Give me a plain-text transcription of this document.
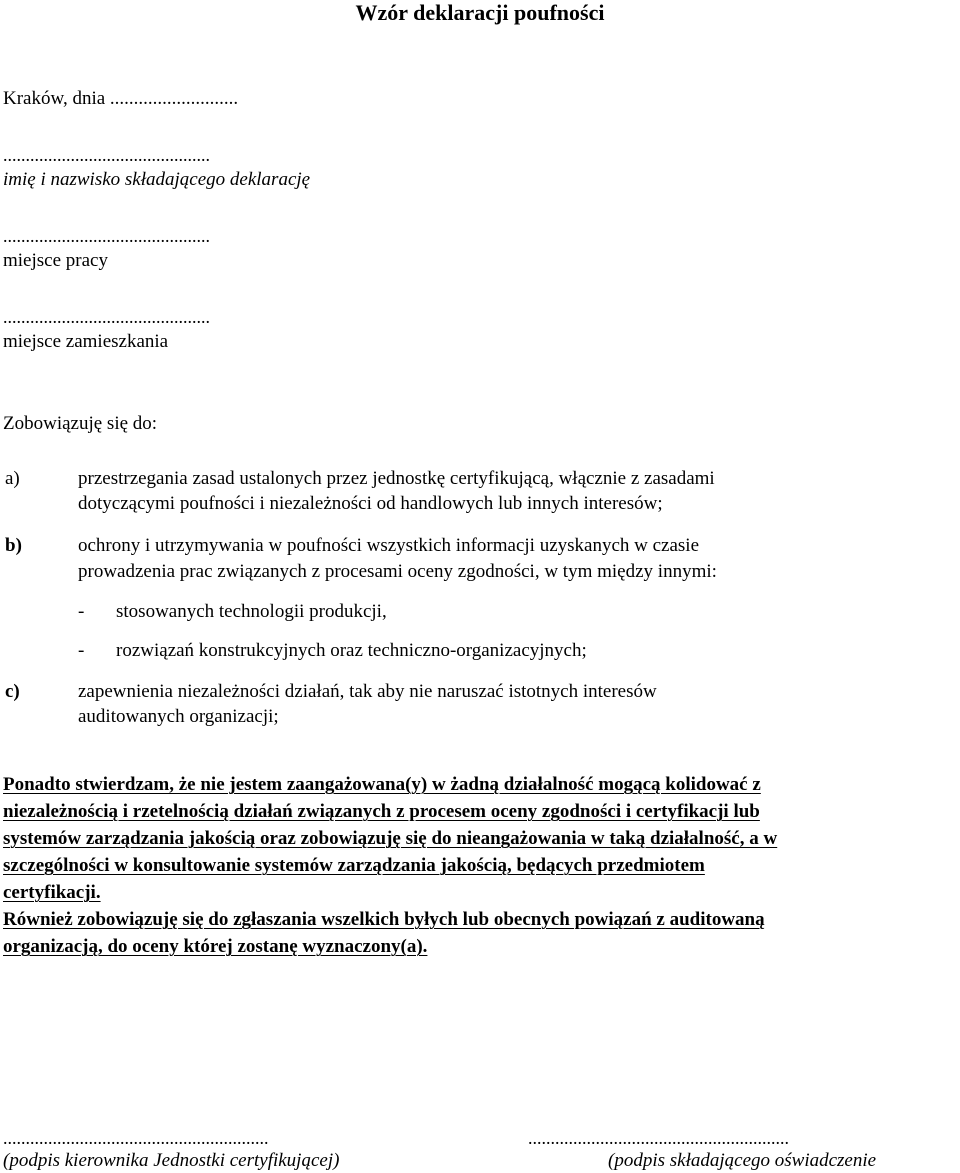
Wzór deklaracji poufności
Kraków, dnia ...........................
..............................................
imię i nazwisko składającego deklarację
..............................................
miejsce pracy
..............................................
miejsce zamieszkania
Zobowiązuję się do:
a)	przestrzegania zasad ustalonych przez jednostkę certyfikującą, włącznie z zasadami
dotyczącymi poufności i niezależności od handlowych lub innych interesów;
b)	ochrony i utrzymywania w poufności wszystkich informacji uzyskanych w czasie
prowadzenia prac związanych z procesami oceny zgodności, w tym między innymi:
- stosowanych technologii produkcji,
- rozwiązań konstrukcyjnych oraz techniczno-organizacyjnych;
c)	zapewnienia niezależności działań, tak aby nie naruszać istotnych interesów
auditowanych organizacji;
Ponadto stwierdzam, że nie jestem zaangażowana(y) w żadną działalność mogącą kolidować z
niezależnością i rzetelnością działań związanych z procesem oceny zgodności i certyfikacji lub
systemów zarządzania jakością oraz zobowiązuję się do nieangażowania w taką działalność, a w
szczególności w konsultowanie systemów zarządzania jakością, będących przedmiotem
certyfikacji.
Również zobowiązuję się do zgłaszania wszelkich byłych lub obecnych powiązań z auditowaną
organizacją, do oceny której zostanę wyznaczony(a).
...........................................................
(podpis kierownika Jednostki certyfikującej)
..........................................................
(podpis składającego oświadczenie
